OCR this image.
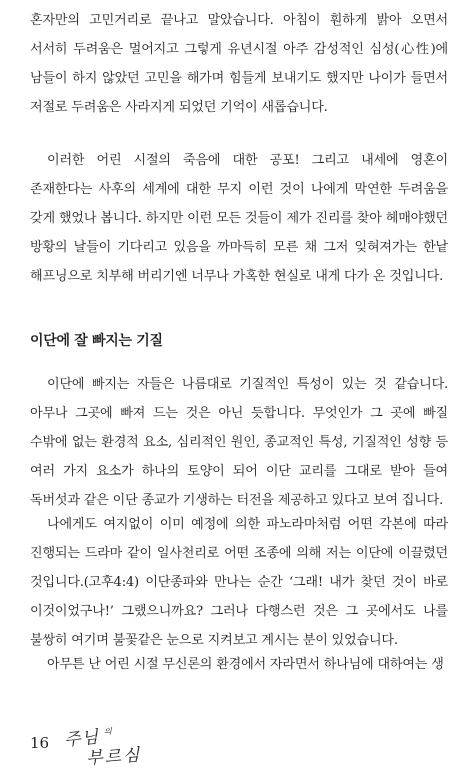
혼자만의 고민거리로 끝나고 말았습니다. 아침이 훤하게 밝아 오면서 서서히 두려움은 멀어지고 그렇게 유년시절 아주 감성적인 심성(心性)에 남들이 하지 않았던 고민을 해가며 힘들게 보내기도 했지만 나이가 들면서 저절로 두려움은 사라지게 되었던 기억이 새롭습니다.

이러한 어린 시절의 죽음에 대한 공포! 그리고 내세에 영혼이 존재한다는 사후의 세계에 대한 무지 이런 것이 나에게 막연한 두려움을 갖게 했었나 봅니다. 하지만 이런 모든 것들이 제가 진리를 찾아 헤매야했던 방황의 날들이 기다리고 있음을 까마득히 모른 채 그저 잊혀져가는 한낱 해프닝으로 치부해 버리기엔 너무나 가혹한 현실로 내게 다가 온 것입니다.

이단에 잘 빠지는 기질

이단에 빠지는 자들은 나름대로 기질적인 특성이 있는 것 같습니다. 아무나 그곳에 빠져 드는 것은 아닌 듯합니다. 무엇인가 그 곳에 빠질 수밖에 없는 환경적 요소, 심리적인 원인, 종교적인 특성, 기질적인 성향 등 여러 가지 요소가 하나의 토양이 되어 이단 교리를 그대로 받아 들여 독버섯과 같은 이단 종교가 기생하는 터전을 제공하고 있다고 보여 집니다.

나에게도 여지없이 이미 예정에 의한 파노라마처럼 어떤 각본에 따라 진행되는 드라마 같이 일사천리로 어떤 조종에 의해 저는 이단에 이끌렸던 것입니다.(고후4:4) 이단종파와 만나는 순간 ‘그래! 내가 찾던 것이 바로 이것이었구나!’ 그랬으니까요? 그러나 다행스런 것은 그 곳에서도 나를 불쌍히 여기며 불꽃같은 눈으로 지켜보고 계시는 분이 있었습니다.

아무튼 난 어린 시절 무신론의 환경에서 자라면서 하나님에 대하여는 생

16 주님 의
부르심
